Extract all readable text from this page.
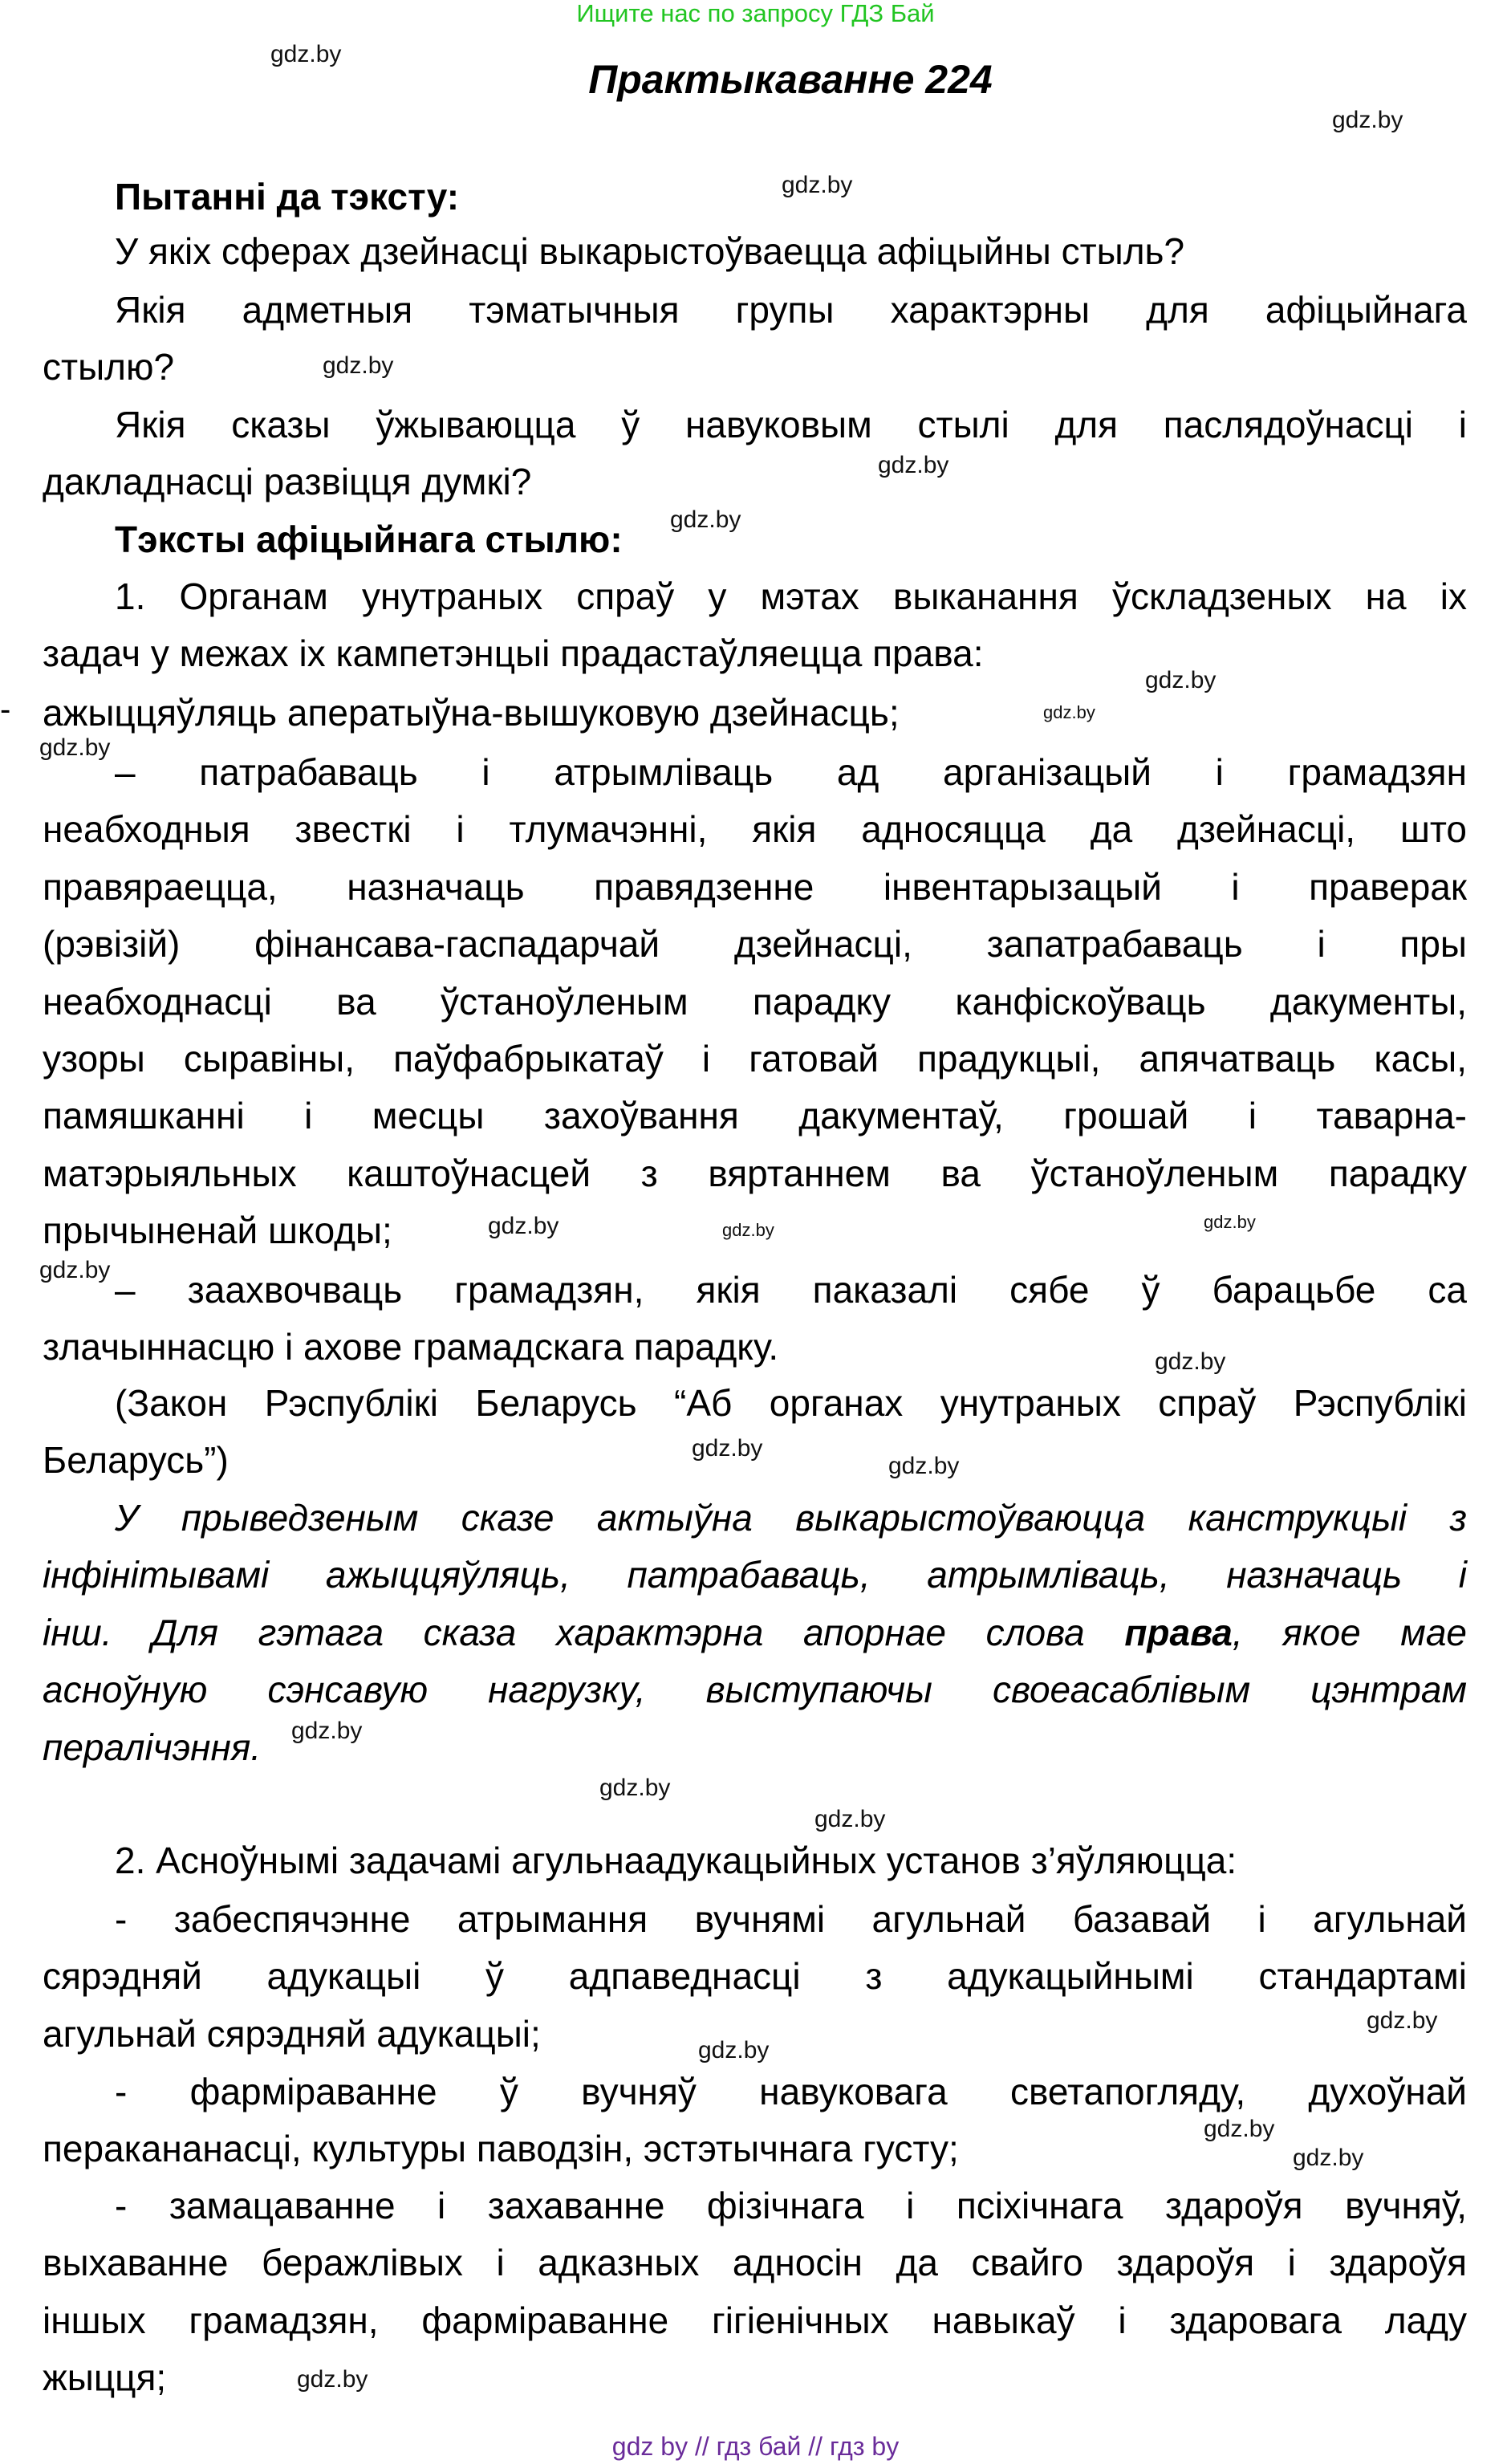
Ищите нас по запросу ГДЗ Бай
Практыкаванне 224
-
Пытанні да тэксту:
У якіх сферах дзейнасці выкарыстоўваецца афіцыйны стыль?
Якія адметныя тэматычныя групы характэрны для афіцыйнага
стылю?
Якія сказы ўжываюцца ў навуковым стылі для паслядоўнасці і
дакладнасці развіцця думкі?
Тэксты афіцыйнага стылю:
1. Органам унутраных спраў у мэтах выканання ўскладзеных на іх
задач у межах іх кампетэнцыі прадастаўляецца права:
ажыццяўляць аператыўна-вышуковую дзейнасць;
– патрабаваць і атрымліваць ад арганізацый і грамадзян
неабходныя звесткі і тлумачэнні, якія адносяцца да дзейнасці, што
правяраецца, назначаць правядзенне інвентарызацый і праверак
(рэвізій) фінансава-гаспадарчай дзейнасці, запатрабаваць і пры
неабходнасці ва ўстаноўленым парадку канфіскоўваць дакументы,
узоры сыравіны, паўфабрыкатаў і гатовай прадукцыі, апячатваць касы,
памяшканні і месцы захоўвання дакументаў, грошай і таварна-
матэрыяльных каштоўнасцей з вяртаннем ва ўстаноўленым парадку
прычыненай шкоды;
– заахвочваць грамадзян, якія паказалі сябе ў барацьбе са
злачыннасцю і ахове грамадскага парадку.
(Закон Рэспублікі Беларусь “Аб органах унутраных спраў Рэспублікі
Беларусь”)
У прыведзеным сказе актыўна выкарыстоўваюцца канструкцыі з
інфінітывамі ажыццяўляць, патрабаваць, атрымліваць, назначаць і
інш. Для гэтага сказа характэрна апорнае слова права, якое мае
асноўную сэнсавую нагрузку, выступаючы своеасаблівым цэнтрам
пералічэння.
2. Асноўнымі задачамі агульнаадукацыйных установ з’яўляюцца:
- забеспячэнне атрымання вучнямі агульнай базавай і агульнай
сярэдняй адукацыі ў адпаведнасці з адукацыйнымі стандартамі
агульнай сярэдняй адукацыі;
- фарміраванне ў вучняў навуковага светапогляду, духоўнай
перакананасці, культуры паводзін, эстэтычнага густу;
- замацаванне і захаванне фізічнага і псіхічнага здароўя вучняў,
выхаванне беражлівых і адказных адносін да свайго здароўя і здароўя
іншых грамадзян, фарміраванне гігіенічных навыкаў і здаровага ладу
жыцця;
gdz.by
gdz.by
gdz.by
gdz.by
gdz.by
gdz.by
gdz.by
gdz.by
gdz.by
gdz.by
gdz.by
gdz.by
gdz.by
gdz.by
gdz.by
gdz.by
gdz.by
gdz.by
gdz.by
gdz.by
gdz.by
gdz.by
gdz.by
gdz.by
gdz by // гдз бай // гдз by
